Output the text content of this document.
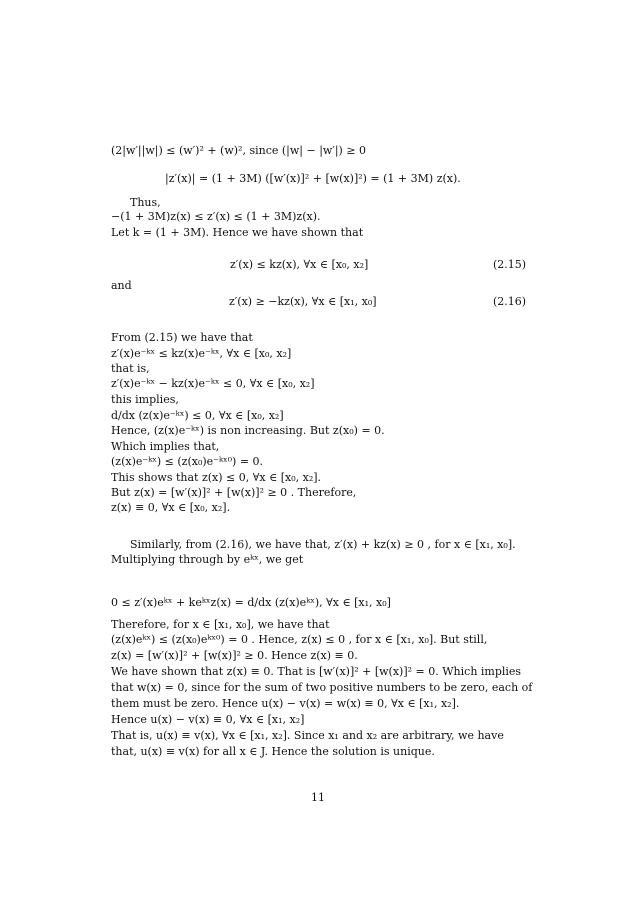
(2|w′||w|) ≤ (w′)² + (w)², since (|w| − |w′|) ≥ 0
|z′(x)| = (1 + 3M) ([w′(x)]² + [w(x)]²) = (1 + 3M) z(x).
Thus,
−(1 + 3M)z(x) ≤ z′(x) ≤ (1 + 3M)z(x).
Let k = (1 + 3M). Hence we have shown that
z′(x) ≤ kz(x), ∀x ∈ [x₀, x₂]	(2.15)
and
z′(x) ≥ −kz(x), ∀x ∈ [x₁, x₀]	(2.16)
From (2.15) we have that
z′(x)e⁻ᵏˣ ≤ kz(x)e⁻ᵏˣ, ∀x ∈ [x₀, x₂]
that is,
z′(x)e⁻ᵏˣ − kz(x)e⁻ᵏˣ ≤ 0, ∀x ∈ [x₀, x₂]
this implies,
d/dx (z(x)e⁻ᵏˣ) ≤ 0, ∀x ∈ [x₀, x₂]
Hence, (z(x)e⁻ᵏˣ) is non increasing. But z(x₀) = 0.
Which implies that,
(z(x)e⁻ᵏˣ) ≤ (z(x₀)e⁻ᵏˣ⁰) = 0.
This shows that z(x) ≤ 0, ∀x ∈ [x₀, x₂].
But z(x) = [w′(x)]² + [w(x)]² ≥ 0 . Therefore,
z(x) ≡ 0, ∀x ∈ [x₀, x₂].
Similarly, from (2.16), we have that, z′(x) + kz(x) ≥ 0 , for x ∈ [x₁, x₀].
Multiplying through by eᵏˣ, we get
0 ≤ z′(x)eᵏˣ + keᵏˣz(x) = d/dx (z(x)eᵏˣ), ∀x ∈ [x₁, x₀]
Therefore, for x ∈ [x₁, x₀], we have that
(z(x)eᵏˣ) ≤ (z(x₀)eᵏˣ⁰) = 0 . Hence, z(x) ≤ 0 , for x ∈ [x₁, x₀]. But still,
z(x) = [w′(x)]² + [w(x)]² ≥ 0. Hence z(x) ≡ 0.
We have shown that z(x) ≡ 0. That is [w′(x)]² + [w(x)]² = 0. Which implies
that w(x) = 0, since for the sum of two positive numbers to be zero, each of
them must be zero. Hence u(x) − v(x) = w(x) ≡ 0, ∀x ∈ [x₁, x₂].
Hence u(x) − v(x) ≡ 0, ∀x ∈ [x₁, x₂]
That is, u(x) ≡ v(x), ∀x ∈ [x₁, x₂]. Since x₁ and x₂ are arbitrary, we have
that, u(x) ≡ v(x) for all x ∈ J. Hence the solution is unique.
11
